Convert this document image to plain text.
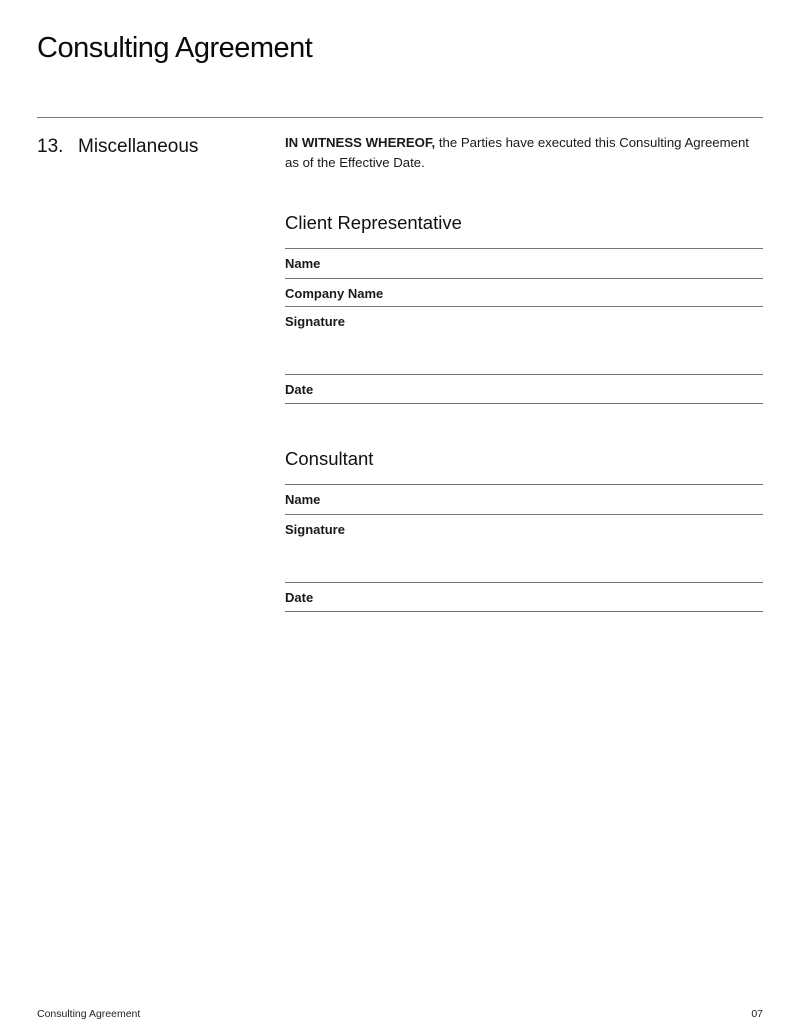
Consulting Agreement
13. Miscellaneous	IN WITNESS WHEREOF, the Parties have executed this Consulting Agreement as of the Effective Date.

Client Representative
Name
Company Name
Signature
Date
Consultant
Name
Signature
Date
Consulting Agreement	07
